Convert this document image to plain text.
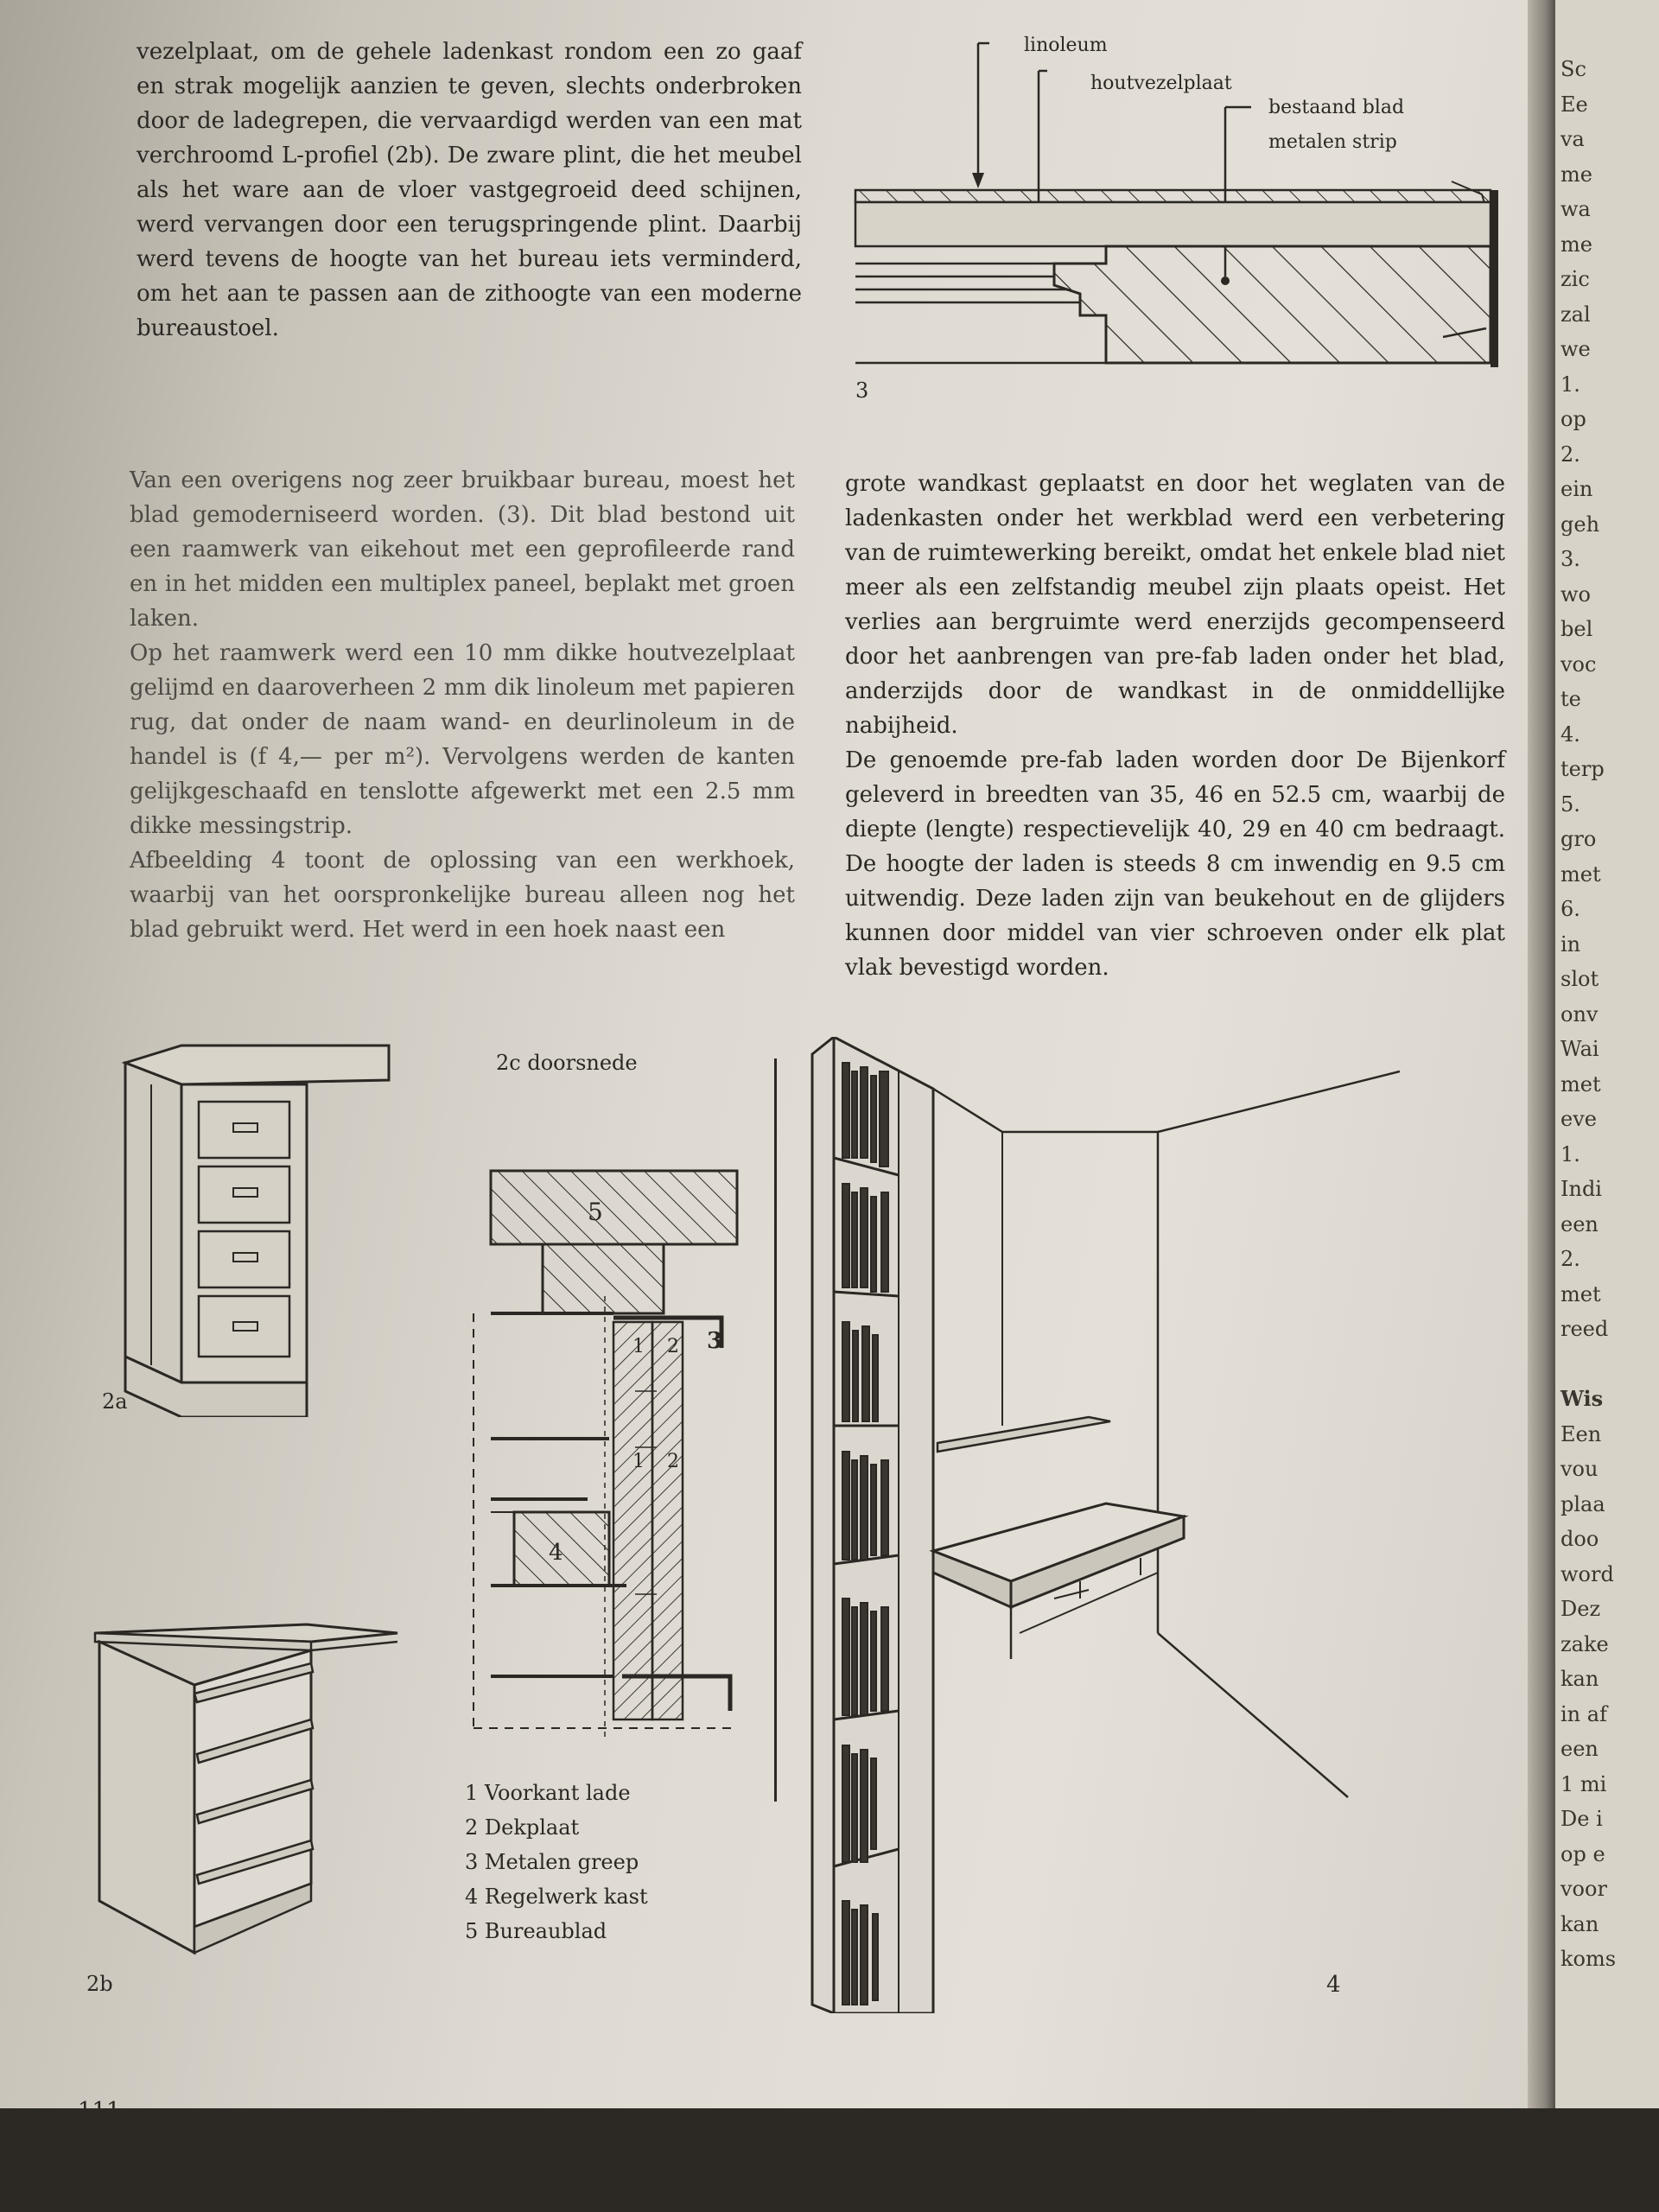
vezelplaat, om de gehele ladenkast rondom een zo gaaf en strak mogelijk aanzien te geven, slechts onderbroken door de ladegrepen, die vervaardigd werden van een mat verchroomd L-profiel (2b). De zware plint, die het meubel als het ware aan de vloer vastgegroeid deed schijnen, werd vervangen door een terugspringende plint. Daarbij werd tevens de hoogte van het bureau iets verminderd, om het aan te passen aan de zithoogte van een moderne bureaustoel.

Van een overigens nog zeer bruikbaar bureau, moest het blad gemoderniseerd worden. (3). Dit blad bestond uit een raamwerk van eikehout met een geprofileerde rand en in het midden een multiplex paneel, beplakt met groen laken.

Op het raamwerk werd een 10 mm dikke houtvezelplaat gelijmd en daaroverheen 2 mm dik linoleum met papieren rug, dat onder de naam wand- en deurlinoleum in de handel is (f 4,— per m²). Vervolgens werden de kanten gelijkgeschaafd en tenslotte afgewerkt met een 2.5 mm dikke messingstrip.

Afbeelding 4 toont de oplossing van een werkhoek, waarbij van het oorspronkelijke bureau alleen nog het blad gebruikt werd. Het werd in een hoek naast een

grote wandkast geplaatst en door het weglaten van de ladenkasten onder het werkblad werd een verbetering van de ruimtewerking bereikt, omdat het enkele blad niet meer als een zelfstandig meubel zijn plaats opeist. Het verlies aan bergruimte werd enerzijds gecompenseerd door het aanbrengen van pre-fab laden onder het blad, anderzijds door de wandkast in de onmiddellijke nabijheid.

De genoemde pre-fab laden worden door De Bijenkorf geleverd in breedten van 35, 46 en 52.5 cm, waarbij de diepte (lengte) respectievelijk 40, 29 en 40 cm bedraagt. De hoogte der laden is steeds 8 cm inwendig en 9.5 cm uitwendig. Deze laden zijn van beukehout en de glijders kunnen door middel van vier schroeven onder elk plat vlak bevestigd worden.

3
linoleum
houtvezelplaat
bestaand blad
metalen strip
2a
2b
2c doorsnede
5
3
1 2
1 2
4
1 Voorkant lade
2 Dekplaat
3 Metalen greep
4 Regelwerk kast
5 Bureaublad
4
Sc
Ee
va
me
wa
me
zic
zal
we
1.
op
2.
ein
geh
3.
wo
bel
voc
te
4.
terp
5.
gro
met
6.
in
slot
onv
Wai
met
eve
1.
Indi
een
2.
met
reed
Wis
Een
vou
plaa
doo
word
Dez
zake
kan
in af
een
1 mi
De i
op e
voor
kan
koms
